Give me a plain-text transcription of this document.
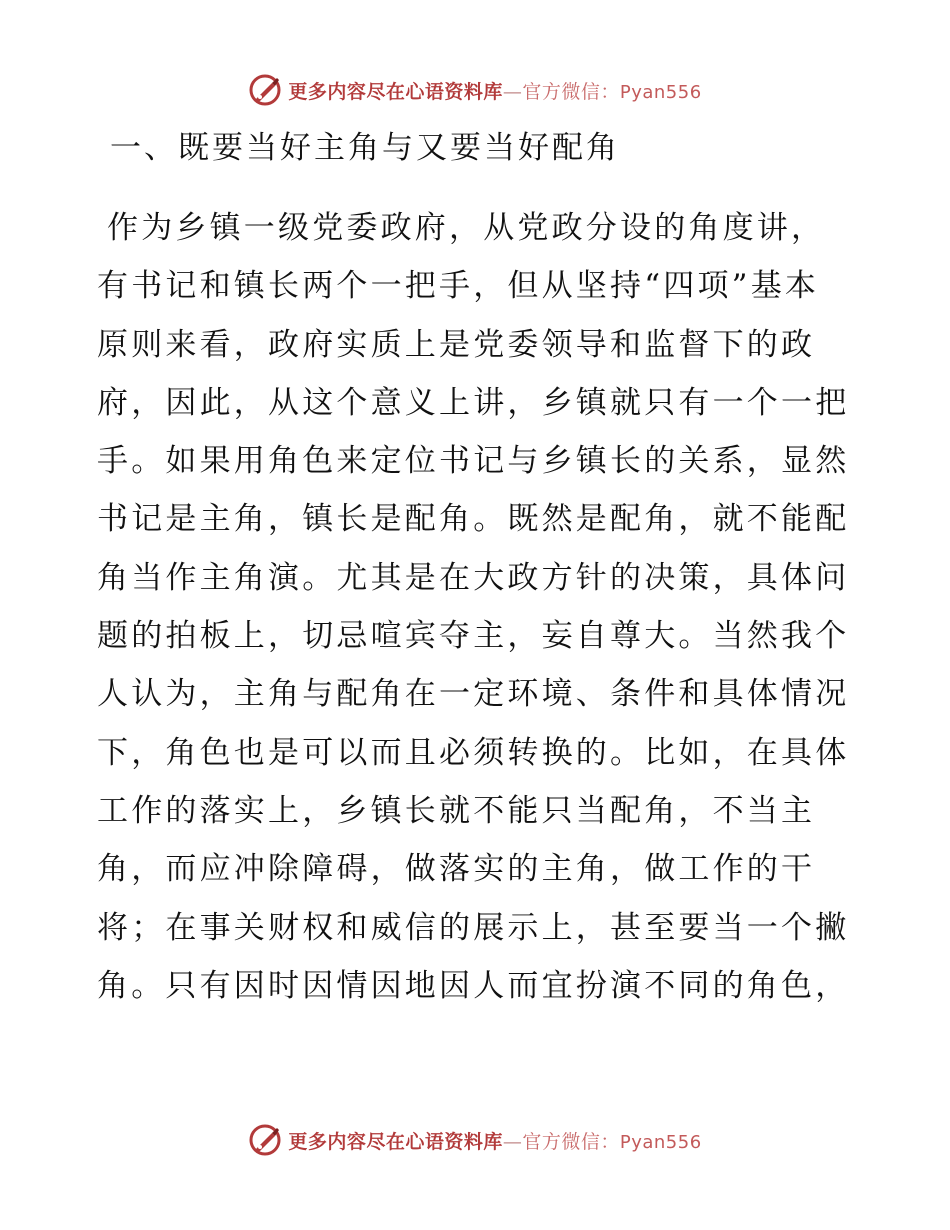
更多内容尽在心语资料库—官方微信：Pyan556
一、既要当好主角与又要当好配角
作为乡镇一级党委政府，从党政分设的角度讲，
有书记和镇长两个一把手，但从坚持“四项”基本
原则来看，政府实质上是党委领导和监督下的政
府，因此，从这个意义上讲，乡镇就只有一个一把
手。如果用角色来定位书记与乡镇长的关系，显然
书记是主角，镇长是配角。既然是配角，就不能配
角当作主角演。尤其是在大政方针的决策，具体问
题的拍板上，切忌喧宾夺主，妄自尊大。当然我个
人认为，主角与配角在一定环境、条件和具体情况
下，角色也是可以而且必须转换的。比如，在具体
工作的落实上，乡镇长就不能只当配角，不当主
角，而应冲除障碍，做落实的主角，做工作的干
将；在事关财权和威信的展示上，甚至要当一个撇
角。只有因时因情因地因人而宜扮演不同的角色，
更多内容尽在心语资料库—官方微信：Pyan556
